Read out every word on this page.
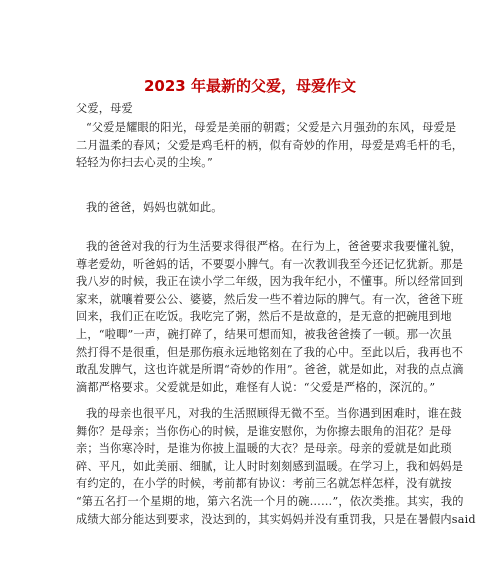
2023 年最新的父爱，母爱作文

父爱，母爱

“父爱是耀眼的阳光，母爱是美丽的朝霞；父爱是六月强劲的东风，母爱是
二月温柔的春风；父爱是鸡毛杆的柄，似有奇妙的作用，母爱是鸡毛杆的毛，
轻轻为你扫去心灵的尘埃。”

我的爸爸，妈妈也就如此。

我的爸爸对我的行为生活要求得很严格。在行为上，爸爸要求我要懂礼貌，
尊老爱幼，听爸妈的话，不要耍小脾气。有一次教训我至今还记忆犹新。那是
我八岁的时候，我正在读小学二年级，因为我年纪小，不懂事。所以经常回到
家来，就嚷着要公公、婆婆，然后发一些不着边际的脾气。有一次，爸爸下班
回来，我们正在吃饭。我吃完了粥，然后不是故意的，是无意的把碗甩到地
上，“啦唧”一声，碗打碎了，结果可想而知，被我爸爸揍了一顿。那一次虽
然打得不是很重，但是那伤痕永远地铭刻在了我的心中。至此以后，我再也不
敢乱发脾气，这也许就是所谓“奇妙的作用”。爸爸，就是如此，对我的点点滴
滴都严格要求。父爱就是如此，难怪有人说：“父爱是严格的，深沉的。”

我的母亲也很平凡，对我的生活照顾得无微不至。当你遇到困难时，谁在鼓
舞你？是母亲；当你伤心的时候，是谁安慰你，为你擦去眼角的泪花？是母
亲；当你寒冷时，是谁为你披上温暖的大衣？是母亲。母亲的爱就是如此琐
碎、平凡，如此美丽、细腻，让人时时刻刻感到温暖。在学习上，我和妈妈是
有约定的，在小学的时候，考前都有协议：考前三名就怎样怎样，没有就按
“第五名打一个星期的地，第六名洗一个月的碗……”，依次类推。其实，我的
成绩大部分能达到要求，没达到的，其实妈妈并没有重罚我，只是在暑假内said
